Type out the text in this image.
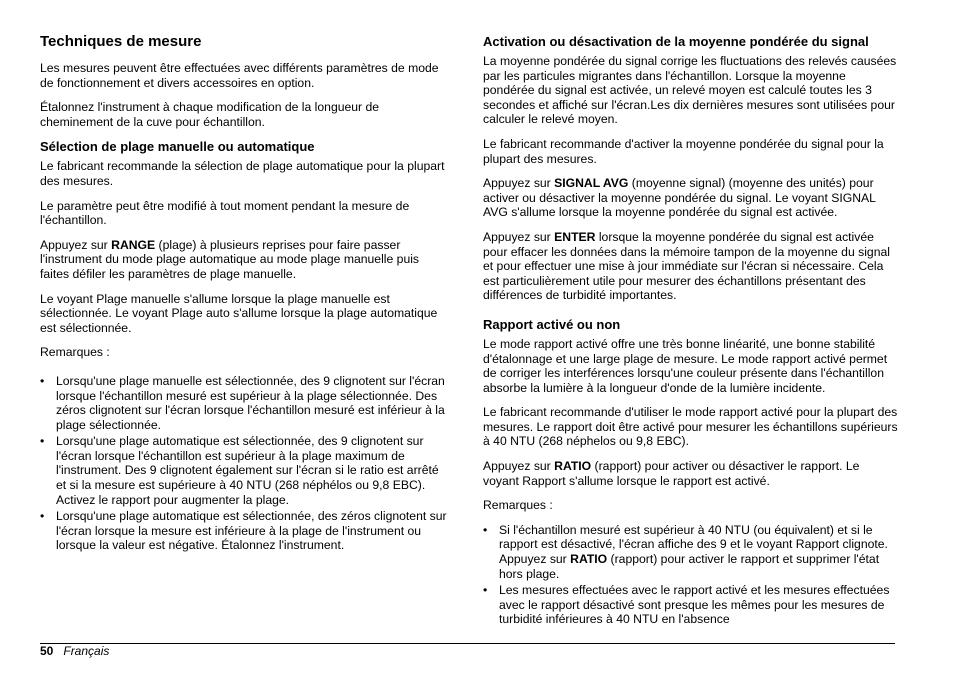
Techniques de mesure

Les mesures peuvent être effectuées avec différents paramètres de mode de fonctionnement et divers accessoires en option.

Étalonnez l'instrument à chaque modification de la longueur de cheminement de la cuve pour échantillon.

Sélection de plage manuelle ou automatique

Le fabricant recommande la sélection de plage automatique pour la plupart des mesures.

Le paramètre peut être modifié à tout moment pendant la mesure de l'échantillon.

Appuyez sur RANGE (plage) à plusieurs reprises pour faire passer l'instrument du mode plage automatique au mode plage manuelle puis faites défiler les paramètres de plage manuelle.

Le voyant Plage manuelle s'allume lorsque la plage manuelle est sélectionnée. Le voyant Plage auto s'allume lorsque la plage automatique est sélectionnée.

Remarques :

• Lorsqu'une plage manuelle est sélectionnée, des 9 clignotent sur l'écran lorsque l'échantillon mesuré est supérieur à la plage sélectionnée. Des zéros clignotent sur l'écran lorsque l'échantillon mesuré est inférieur à la plage sélectionnée.
• Lorsqu'une plage automatique est sélectionnée, des 9 clignotent sur l'écran lorsque l'échantillon est supérieur à la plage maximum de l'instrument. Des 9 clignotent également sur l'écran si le ratio est arrêté et si la mesure est supérieure à 40 NTU (268 néphélos ou 9,8 EBC). Activez le rapport pour augmenter la plage.
• Lorsqu'une plage automatique est sélectionnée, des zéros clignotent sur l'écran lorsque la mesure est inférieure à la plage de l'instrument ou lorsque la valeur est négative. Étalonnez l'instrument.
Activation ou désactivation de la moyenne pondérée du signal

La moyenne pondérée du signal corrige les fluctuations des relevés causées par les particules migrantes dans l'échantillon. Lorsque la moyenne pondérée du signal est activée, un relevé moyen est calculé toutes les 3 secondes et affiché sur l'écran.Les dix dernières mesures sont utilisées pour calculer le relevé moyen.

Le fabricant recommande d'activer la moyenne pondérée du signal pour la plupart des mesures.

Appuyez sur SIGNAL AVG (moyenne signal) (moyenne des unités) pour activer ou désactiver la moyenne pondérée du signal. Le voyant SIGNAL AVG s'allume lorsque la moyenne pondérée du signal est activée.

Appuyez sur ENTER lorsque la moyenne pondérée du signal est activée pour effacer les données dans la mémoire tampon de la moyenne du signal et pour effectuer une mise à jour immédiate sur l'écran si nécessaire. Cela est particulièrement utile pour mesurer des échantillons présentant des différences de turbidité importantes.

Rapport activé ou non

Le mode rapport activé offre une très bonne linéarité, une bonne stabilité d'étalonnage et une large plage de mesure. Le mode rapport activé permet de corriger les interférences lorsqu'une couleur présente dans l'échantillon absorbe la lumière à la longueur d'onde de la lumière incidente.

Le fabricant recommande d'utiliser le mode rapport activé pour la plupart des mesures. Le rapport doit être activé pour mesurer les échantillons supérieurs à 40 NTU (268 néphelos ou 9,8 EBC).

Appuyez sur RATIO (rapport) pour activer ou désactiver le rapport. Le voyant Rapport s'allume lorsque le rapport est activé.

Remarques :

• Si l'échantillon mesuré est supérieur à 40 NTU (ou équivalent) et si le rapport est désactivé, l'écran affiche des 9 et le voyant Rapport clignote. Appuyez sur RATIO (rapport) pour activer le rapport et supprimer l'état hors plage.
• Les mesures effectuées avec le rapport activé et les mesures effectuées avec le rapport désactivé sont presque les mêmes pour les mesures de turbidité inférieures à 40 NTU en l'absence
50 Français
